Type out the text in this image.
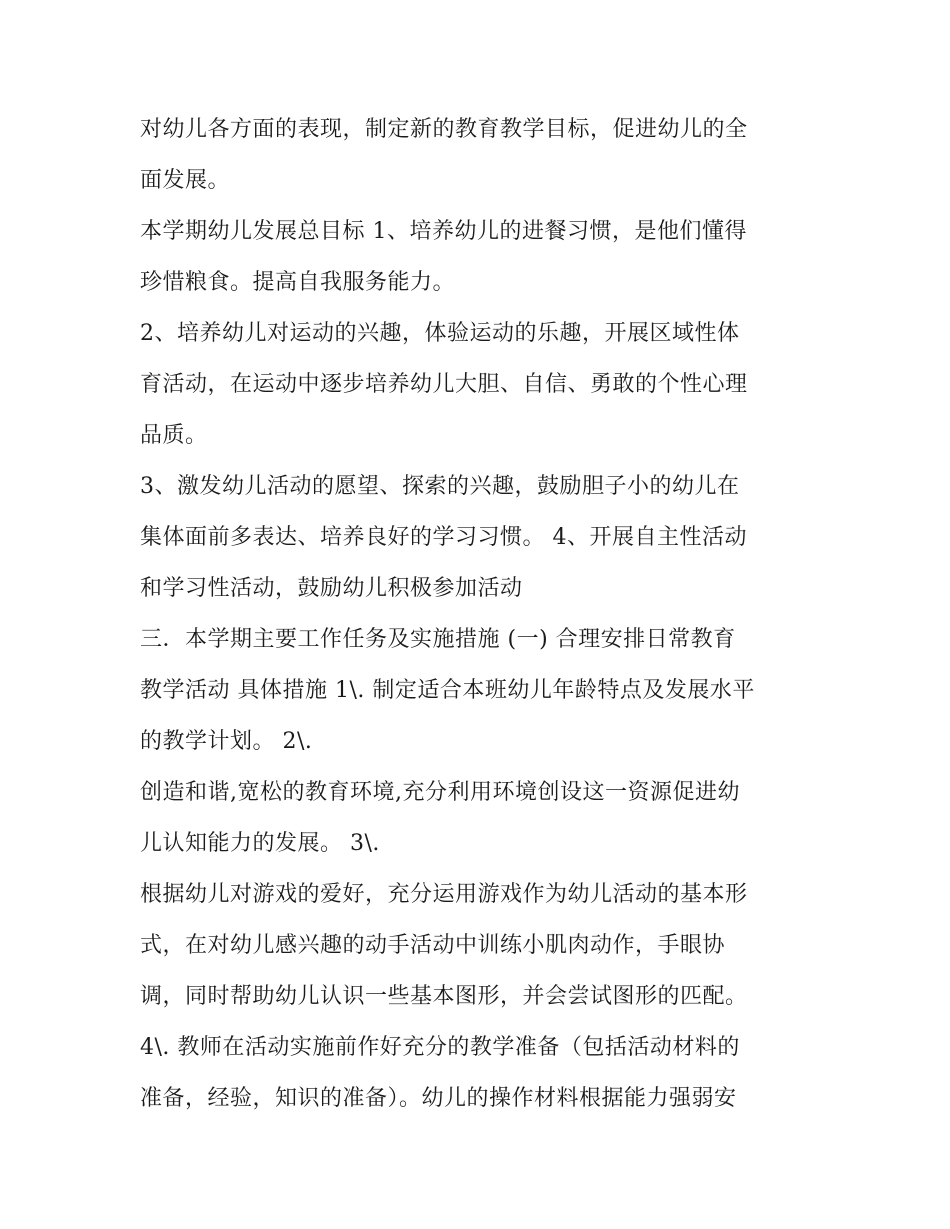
对幼儿各方面的表现，制定新的教育教学目标，促进幼儿的全
面发展。
本学期幼儿发展总目标 1、培养幼儿的进餐习惯，是他们懂得
珍惜粮食。提高自我服务能力。
2、培养幼儿对运动的兴趣，体验运动的乐趣，开展区域性体
育活动，在运动中逐步培养幼儿大胆、自信、勇敢的个性心理
品质。
3、激发幼儿活动的愿望、探索的兴趣，鼓励胆子小的幼儿在
集体面前多表达、培养良好的学习习惯。 4、开展自主性活动
和学习性活动，鼓励幼儿积极参加活动
三．本学期主要工作任务及实施措施 (一) 合理安排日常教育
教学活动 具体措施 1\. 制定适合本班幼儿年龄特点及发展水平
的教学计划。 2\.
创造和谐,宽松的教育环境,充分利用环境创设这一资源促进幼
儿认知能力的发展。 3\.
根据幼儿对游戏的爱好，充分运用游戏作为幼儿活动的基本形
式，在对幼儿感兴趣的动手活动中训练小肌肉动作，手眼协
调，同时帮助幼儿认识一些基本图形，并会尝试图形的匹配。
4\. 教师在活动实施前作好充分的教学准备（包括活动材料的
准备，经验，知识的准备）。幼儿的操作材料根据能力强弱安
